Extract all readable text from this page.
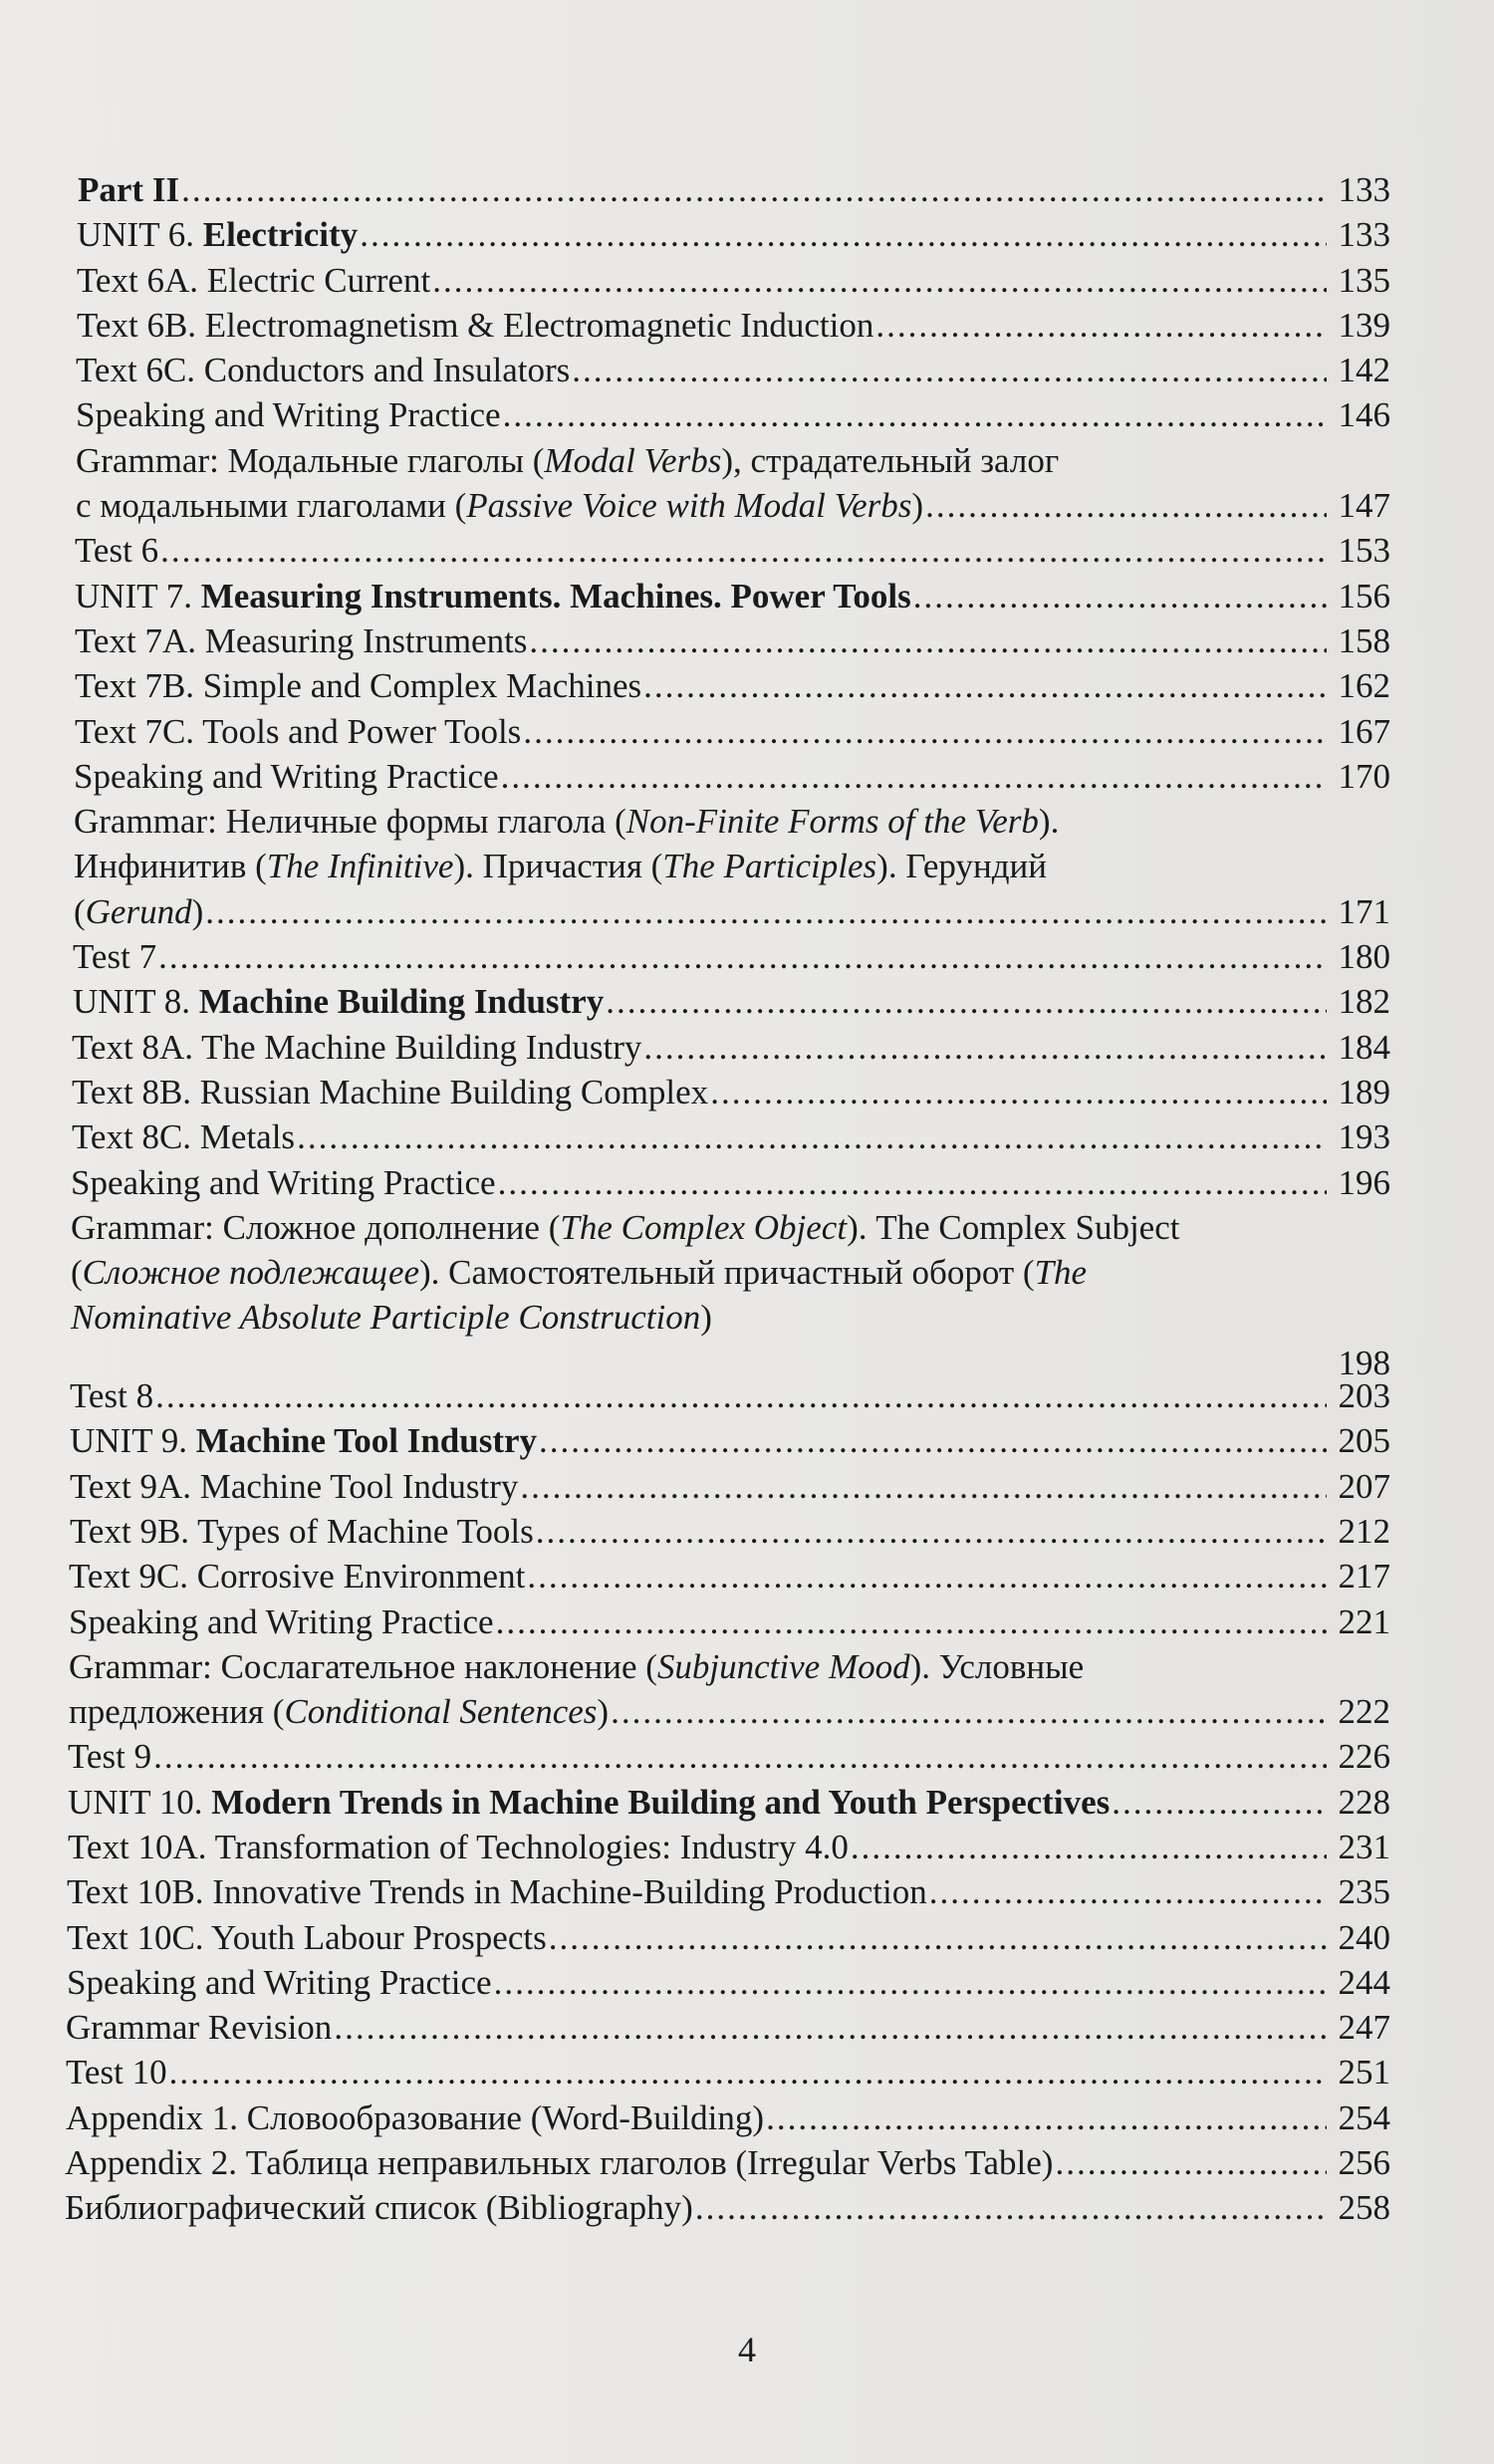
Part II .....	133
UNIT 6. Electricity .....	133
Text 6A. Electric Current .....	135
Text 6B. Electromagnetism & Electromagnetic Induction .....	139
Text 6C. Conductors and Insulators .....	142
Speaking and Writing Practice .....	146
Grammar: Модальные глаголы (Modal Verbs), страдательный залог
с модальными глаголами (Passive Voice with Modal Verbs) .....	147
Test 6 .....	153
UNIT 7. Measuring Instruments. Machines. Power Tools .....	156
Text 7A. Measuring Instruments .....	158
Text 7B. Simple and Complex Machines .....	162
Text 7C. Tools and Power Tools .....	167
Speaking and Writing Practice .....	170
Grammar: Неличные формы глагола (Non-Finite Forms of the Verb).
Инфинитив (The Infinitive). Причастия (The Participles). Герундий
(Gerund) .....	171
Test 7 .....	180
UNIT 8. Machine Building Industry .....	182
Text 8A. The Machine Building Industry .....	184
Text 8B. Russian Machine Building Complex .....	189
Text 8C. Metals .....	193
Speaking and Writing Practice .....	196
Grammar: Сложное дополнение (The Complex Object). The Complex Subject
(Сложное подлежащее). Самостоятельный причастный оборот (The
Nominative Absolute Participle Construction)
198
Test 8 .....	203
UNIT 9. Machine Tool Industry .....	205
Text 9A. Machine Tool Industry .....	207
Text 9B. Types of Machine Tools .....	212
Text 9C. Corrosive Environment .....	217
Speaking and Writing Practice .....	221
Grammar: Сослагательное наклонение (Subjunctive Mood). Условные
предложения (Conditional Sentences) .....	222
Test 9 .....	226
UNIT 10. Modern Trends in Machine Building and Youth Perspectives .....	228
Text 10A. Transformation of Technologies: Industry 4.0 .....	231
Text 10B. Innovative Trends in Machine-Building Production .....	235
Text 10C. Youth Labour Prospects .....	240
Speaking and Writing Practice .....	244
Grammar Revision .....	247
Test 10 .....	251
Appendix 1. Словообразование (Word-Building) .....	254
Appendix 2. Таблица неправильных глаголов (Irregular Verbs Table) .....	256
Библиографический список (Bibliography) .....	258
4
